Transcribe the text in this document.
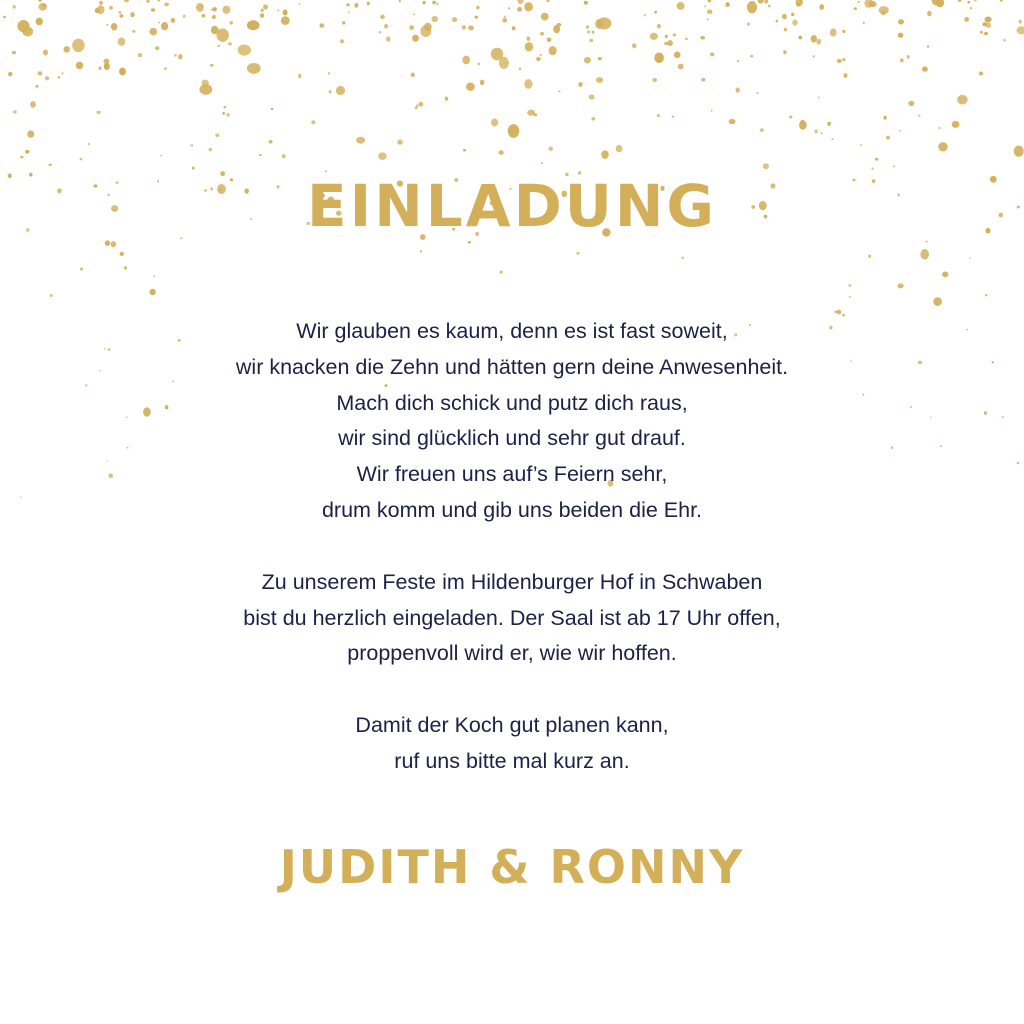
EINLADUNG
Wir glauben es kaum, denn es ist fast soweit,
wir knacken die Zehn und hätten gern deine Anwesenheit.
Mach dich schick und putz dich raus,
wir sind glücklich und sehr gut drauf.
Wir freuen uns auf’s Feiern sehr,
drum komm und gib uns beiden die Ehr.
Zu unserem Feste im Hildenburger Hof in Schwaben
bist du herzlich eingeladen. Der Saal ist ab 17 Uhr offen,
proppenvoll wird er, wie wir hoffen.
Damit der Koch gut planen kann,
ruf uns bitte mal kurz an.
JUDITH & RONNY
